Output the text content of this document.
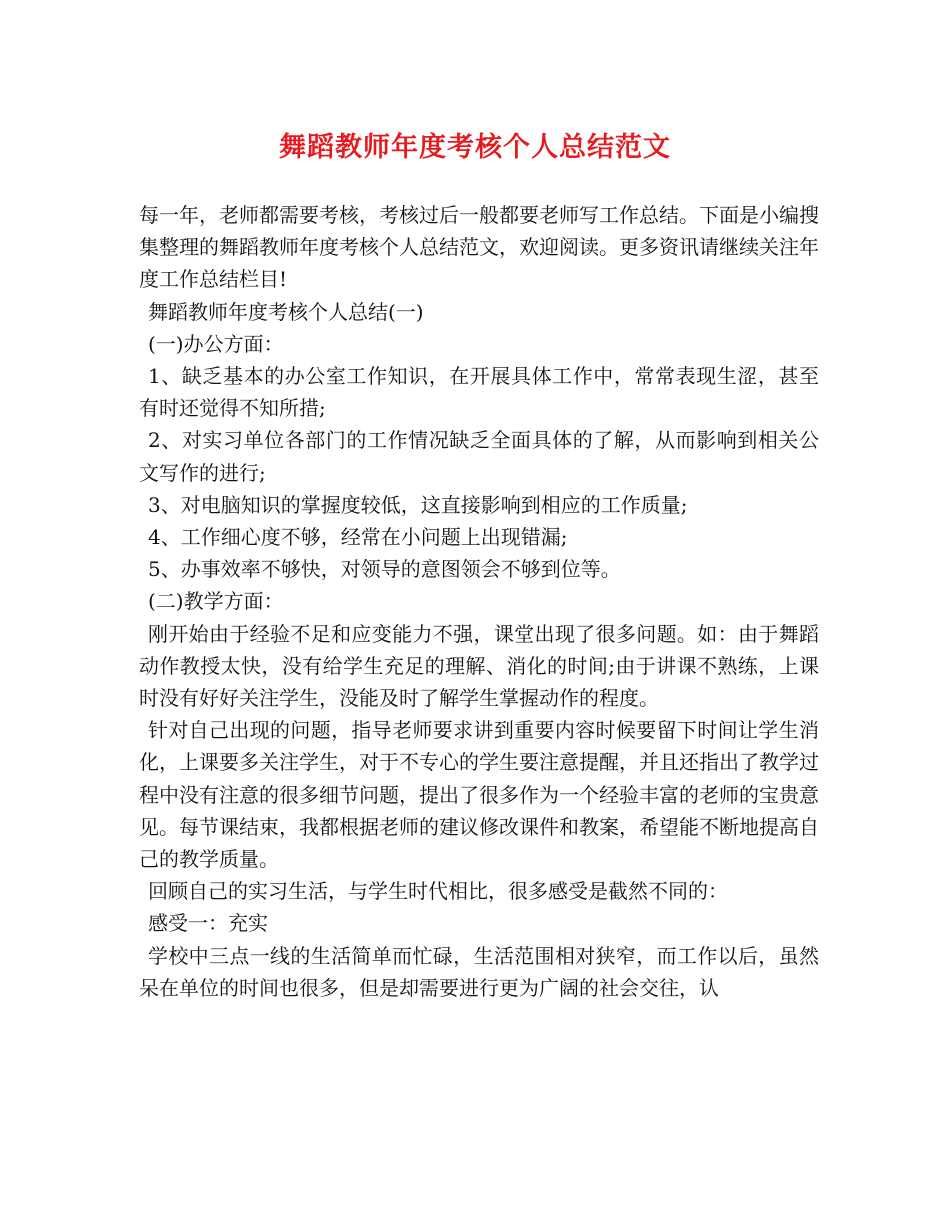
舞蹈教师年度考核个人总结范文

每一年，老师都需要考核，考核过后一般都要老师写工作总结。下面是小编搜集整理的舞蹈教师年度考核个人总结范文，欢迎阅读。更多资讯请继续关注年度工作总结栏目!

舞蹈教师年度考核个人总结(一)

(一)办公方面：

1、缺乏基本的办公室工作知识，在开展具体工作中，常常表现生涩，甚至有时还觉得不知所措;

2、对实习单位各部门的工作情况缺乏全面具体的了解，从而影响到相关公文写作的进行;

3、对电脑知识的掌握度较低，这直接影响到相应的工作质量;

4、工作细心度不够，经常在小问题上出现错漏;

5、办事效率不够快，对领导的意图领会不够到位等。

(二)教学方面：

刚开始由于经验不足和应变能力不强，课堂出现了很多问题。如：由于舞蹈动作教授太快，没有给学生充足的理解、消化的时间;由于讲课不熟练，上课时没有好好关注学生，没能及时了解学生掌握动作的程度。

针对自己出现的问题，指导老师要求讲到重要内容时候要留下时间让学生消化，上课要多关注学生，对于不专心的学生要注意提醒，并且还指出了教学过程中没有注意的很多细节问题，提出了很多作为一个经验丰富的老师的宝贵意见。每节课结束，我都根据老师的建议修改课件和教案，希望能不断地提高自己的教学质量。

回顾自己的实习生活，与学生时代相比，很多感受是截然不同的：

感受一：充实

学校中三点一线的生活简单而忙碌，生活范围相对狭窄，而工作以后，虽然呆在单位的时间也很多，但是却需要进行更为广阔的社会交往，认
